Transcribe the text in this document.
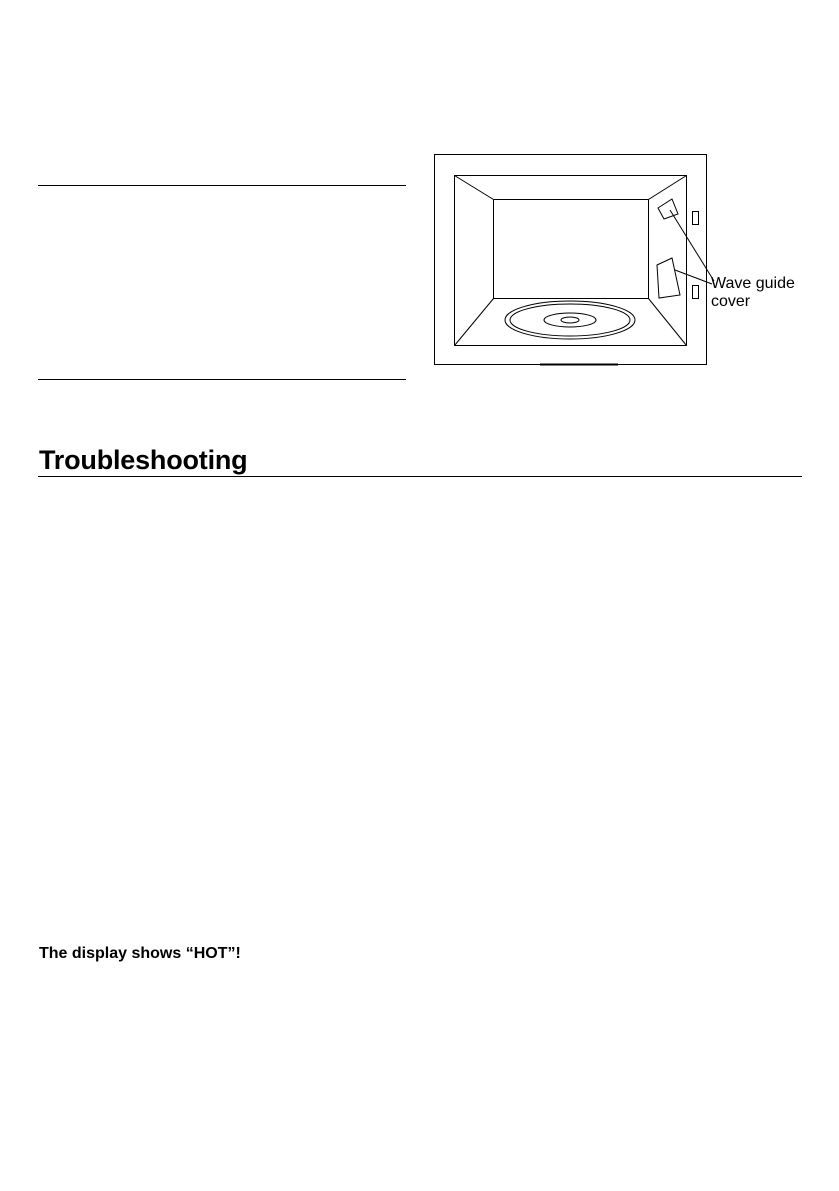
Wave guide
cover
Troubleshooting
The display shows “HOT”!
